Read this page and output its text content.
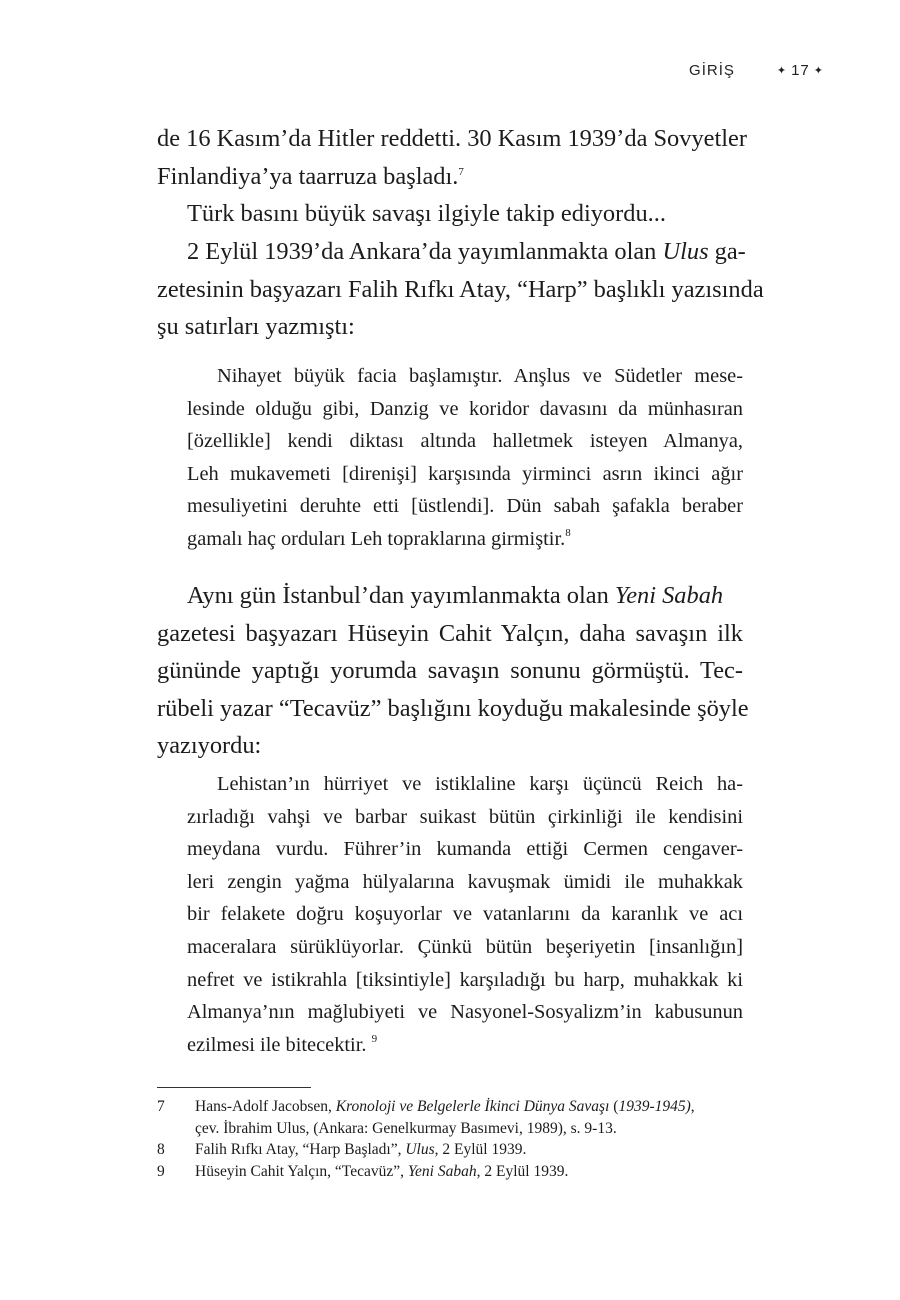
GİRİŞ	✦ 17 ✦
de 16 Kasım’da Hitler reddetti. 30 Kasım 1939’da Sovyetler
Finlandiya’ya taarruza başladı.$^7$
Türk basını büyük savaşı ilgiyle takip ediyordu...
2 Eylül 1939’da Ankara’da yayımlanmakta olan Ulus ga-
zetesinin başyazarı Falih Rıfkı Atay, “Harp” başlıklı yazısında
şu satırları yazmıştı:
Nihayet büyük facia başlamıştır. Anşlus ve Südetler mese-
lesinde olduğu gibi, Danzig ve koridor davasını da münhasıran
[özellikle] kendi diktası altında halletmek isteyen Almanya,
Leh mukavemeti [direnişi] karşısında yirminci asrın ikinci ağır
mesuliyetini deruhte etti [üstlendi]. Dün sabah şafakla beraber
gamalı haç orduları Leh topraklarına girmiştir.$^8$
Aynı gün İstanbul’dan yayımlanmakta olan Yeni Sabah
gazetesi başyazarı Hüseyin Cahit Yalçın, daha savaşın ilk
gününde yaptığı yorumda savaşın sonunu görmüştü. Tec-
rübeli yazar “Tecavüz” başlığını koyduğu makalesinde şöyle
yazıyordu:
Lehistan’ın hürriyet ve istiklaline karşı üçüncü Reich ha-
zırladığı vahşi ve barbar suikast bütün çirkinliği ile kendisini
meydana vurdu. Führer’in kumanda ettiği Cermen cengaver-
leri zengin yağma hülyalarına kavuşmak ümidi ile muhakkak
bir felakete doğru koşuyorlar ve vatanlarını da karanlık ve acı
maceralara sürüklüyorlar. Çünkü bütün beşeriyetin [insanlığın]
nefret ve istikrahla [tiksintiyle] karşıladığı bu harp, muhakkak ki
Almanya’nın mağlubiyeti ve Nasyonel-Sosyalizm’in kabusunun
ezilmesi ile bitecektir. $^9$
7	Hans-Adolf Jacobsen, Kronoloji ve Belgelerle İkinci Dünya Savaşı (1939-1945),
çev. İbrahim Ulus, (Ankara: Genelkurmay Basımevi, 1989), s. 9-13.
8	Falih Rıfkı Atay, “Harp Başladı”, Ulus, 2 Eylül 1939.
9	Hüseyin Cahit Yalçın, “Tecavüz”, Yeni Sabah, 2 Eylül 1939.
